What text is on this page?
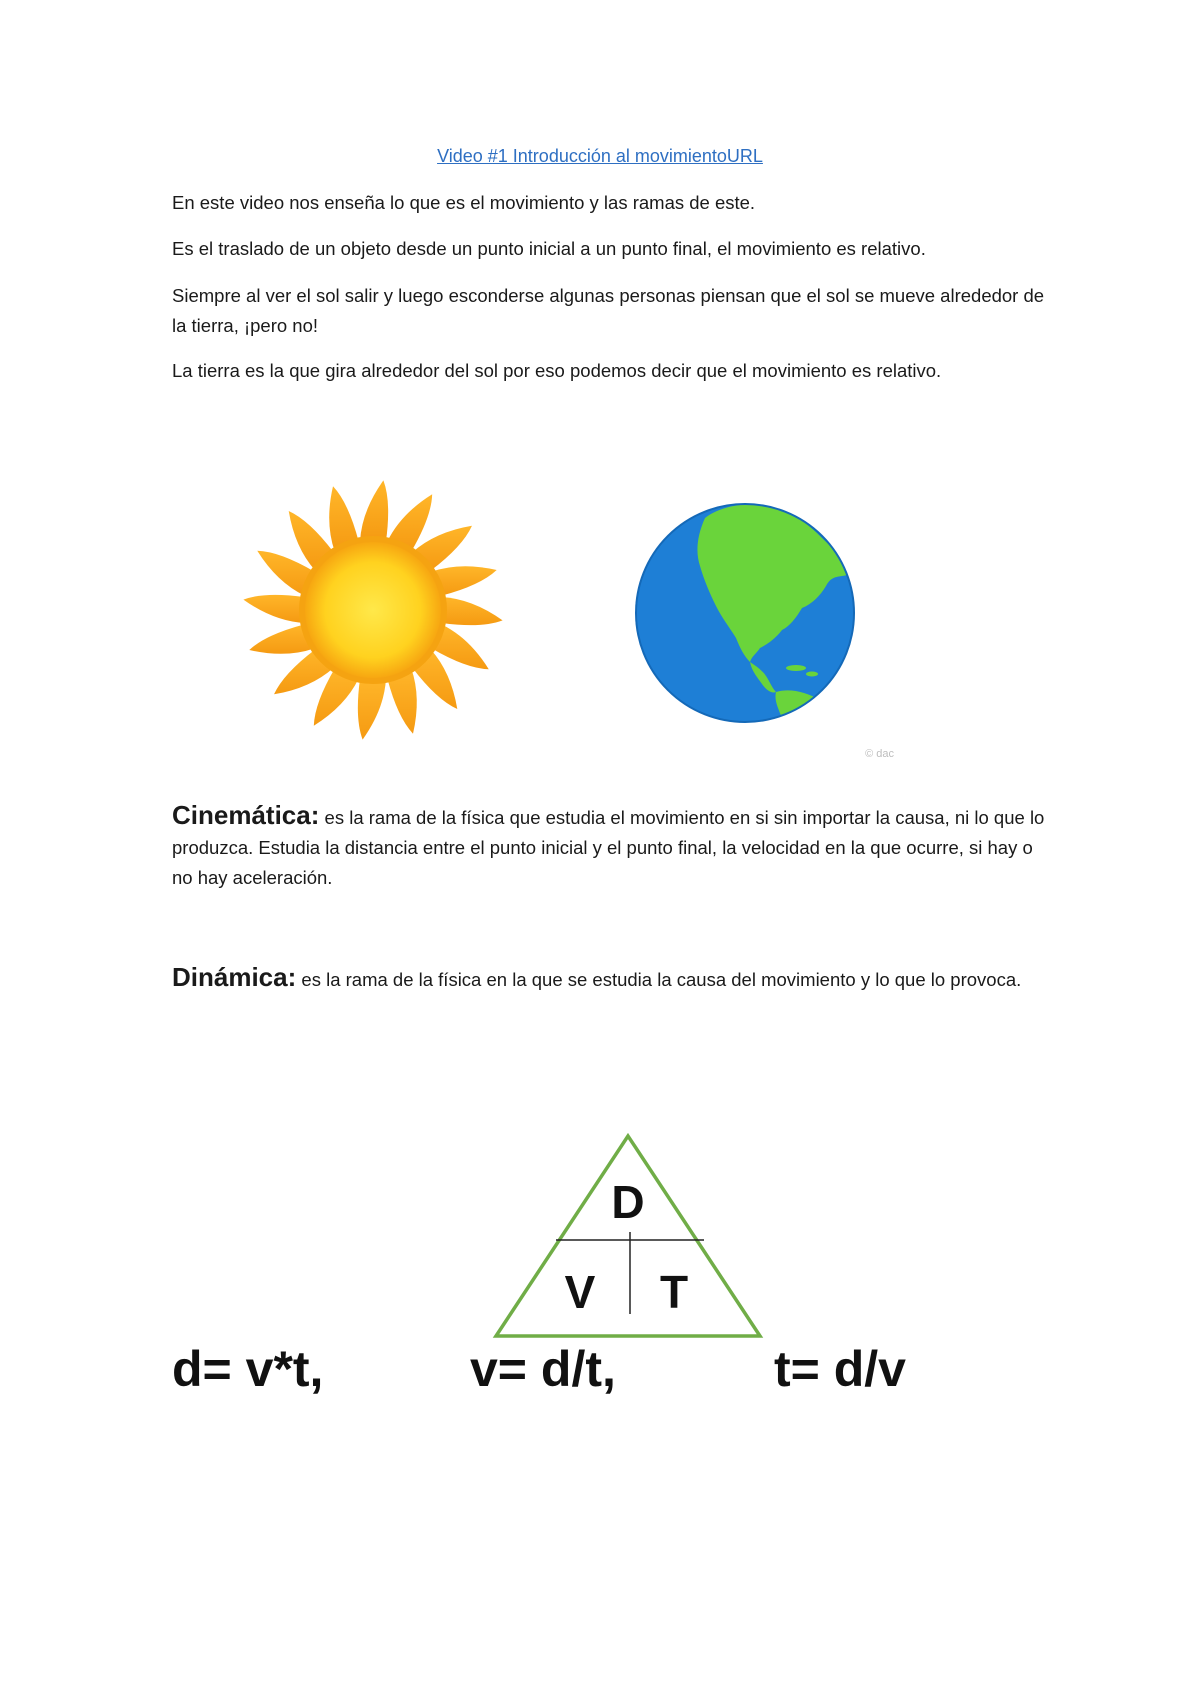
Video #1 Introducción al movimientoURL

En este video nos enseña lo que es el movimiento y las ramas de este.

Es el traslado de un objeto desde un punto inicial a un punto final, el movimiento es relativo.

Siempre al ver el sol salir y luego esconderse algunas personas piensan que el sol se mueve alrededor de la tierra, ¡pero no!

La tierra es la que gira alrededor del sol por eso podemos decir que el movimiento es relativo.

© dac

Cinemática: es la rama de la física que estudia el movimiento en si sin importar la causa, ni lo que lo produzca. Estudia la distancia entre el punto inicial y el punto final, la velocidad en la que ocurre, si hay o no hay aceleración.

Dinámica: es la rama de la física en la que se estudia la causa del movimiento y lo que lo provoca.

D
V T
d= v*t,	v= d/t,	t= d/v
